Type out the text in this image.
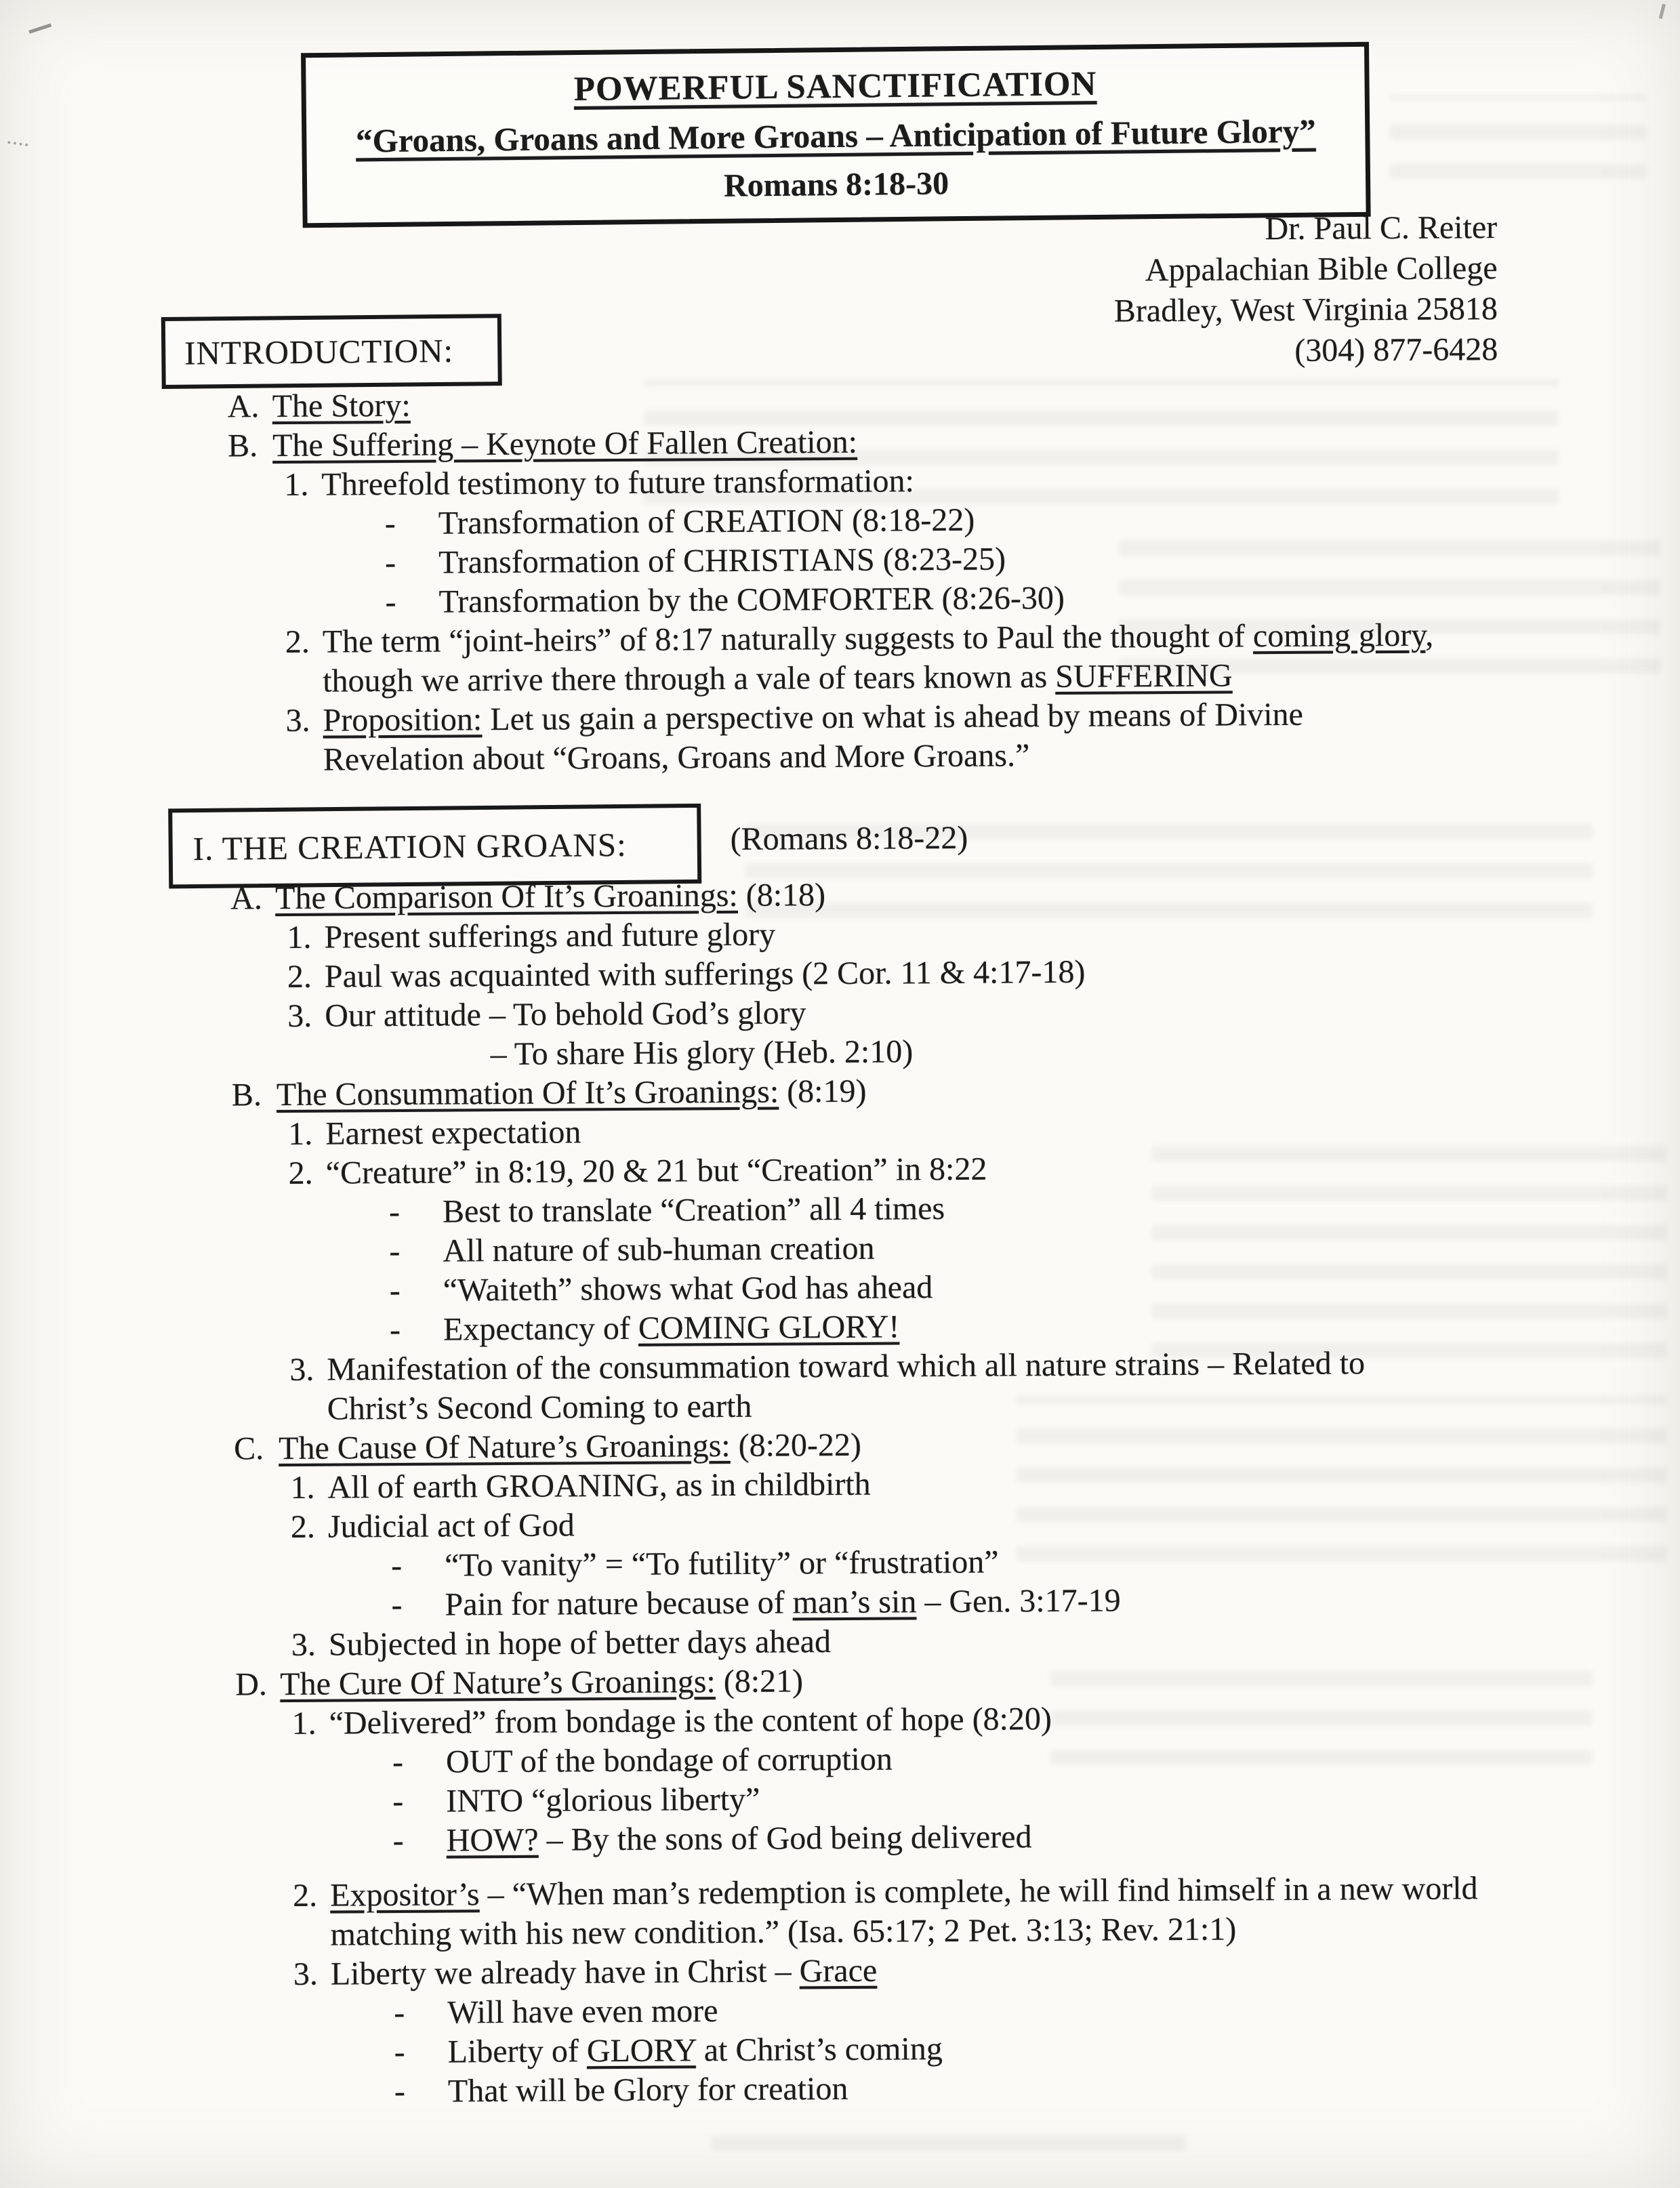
POWERFUL SANCTIFICATION
“Groans, Groans and More Groans – Anticipation of Future Glory”
Romans 8:18-30
Dr. Paul C. Reiter
Appalachian Bible College
Bradley, West Virginia 25818
(304) 877-6428
INTRODUCTION:
A. The Story:
B. The Suffering – Keynote Of Fallen Creation:
1. Threefold testimony to future transformation:
-	Transformation of CREATION (8:18-22)
-	Transformation of CHRISTIANS (8:23-25)
-	Transformation by the COMFORTER (8:26-30)
2. The term “joint-heirs” of 8:17 naturally suggests to Paul the thought of coming glory,
though we arrive there through a vale of tears known as SUFFERING
3. Proposition: Let us gain a perspective on what is ahead by means of Divine
Revelation about “Groans, Groans and More Groans.”
I. THE CREATION GROANS:	(Romans 8:18-22)
A. The Comparison Of It’s Groanings: (8:18)
1. Present sufferings and future glory
2. Paul was acquainted with sufferings (2 Cor. 11 & 4:17-18)
3. Our attitude – To behold God’s glory
– To share His glory (Heb. 2:10)
B. The Consummation Of It’s Groanings: (8:19)
1. Earnest expectation
2. “Creature” in 8:19, 20 & 21 but “Creation” in 8:22
-	Best to translate “Creation” all 4 times
-	All nature of sub-human creation
-	“Waiteth” shows what God has ahead
-	Expectancy of COMING GLORY!
3. Manifestation of the consummation toward which all nature strains – Related to
Christ’s Second Coming to earth
C. The Cause Of Nature’s Groanings: (8:20-22)
1. All of earth GROANING, as in childbirth
2. Judicial act of God
-	“To vanity” = “To futility” or “frustration”
-	Pain for nature because of man’s sin – Gen. 3:17-19
3. Subjected in hope of better days ahead
D. The Cure Of Nature’s Groanings: (8:21)
1. “Delivered” from bondage is the content of hope (8:20)
-	OUT of the bondage of corruption
-	INTO “glorious liberty”
-	HOW? – By the sons of God being delivered
2. Expositor’s – “When man’s redemption is complete, he will find himself in a new world
matching with his new condition.” (Isa. 65:17; 2 Pet. 3:13; Rev. 21:1)
3. Liberty we already have in Christ – Grace
-	Will have even more
-	Liberty of GLORY at Christ’s coming
-	That will be Glory for creation
